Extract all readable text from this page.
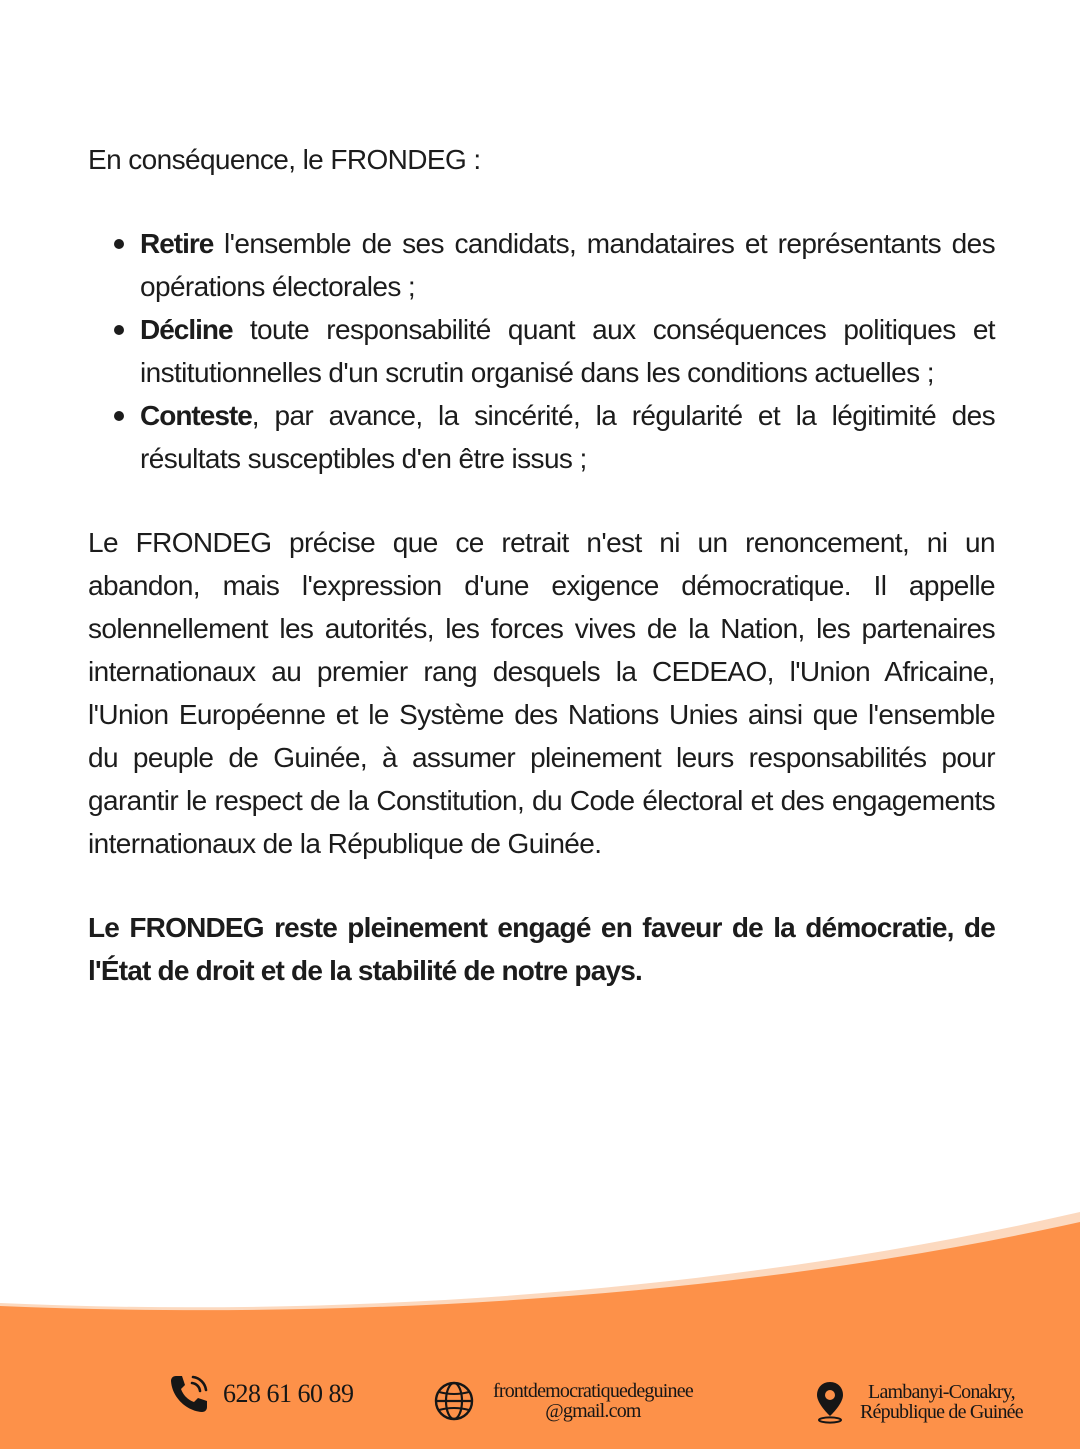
En conséquence, le FRONDEG :

Retire l'ensemble de ses candidats, mandataires et représentants des opérations électorales ;
Décline toute responsabilité quant aux conséquences politiques et institutionnelles d'un scrutin organisé dans les conditions actuelles ;
Conteste, par avance, la sincérité, la régularité et la légitimité des résultats susceptibles d'en être issus ;

Le FRONDEG précise que ce retrait n'est ni un renoncement, ni un abandon, mais l'expression d'une exigence démocratique. Il appelle solennellement les autorités, les forces vives de la Nation, les partenaires internationaux au premier rang desquels la CEDEAO, l'Union Africaine, l'Union Européenne et le Système des Nations Unies ainsi que l'ensemble du peuple de Guinée, à assumer pleinement leurs responsabilités pour garantir le respect de la Constitution, du Code électoral et des engagements internationaux de la République de Guinée.

Le FRONDEG reste pleinement engagé en faveur de la démocratie, de l'État de droit et de la stabilité de notre pays.

628 61 60 89	frontdemocratiquedeguinee
@gmail.com
Lambanyi-Conakry,
République de Guinée
